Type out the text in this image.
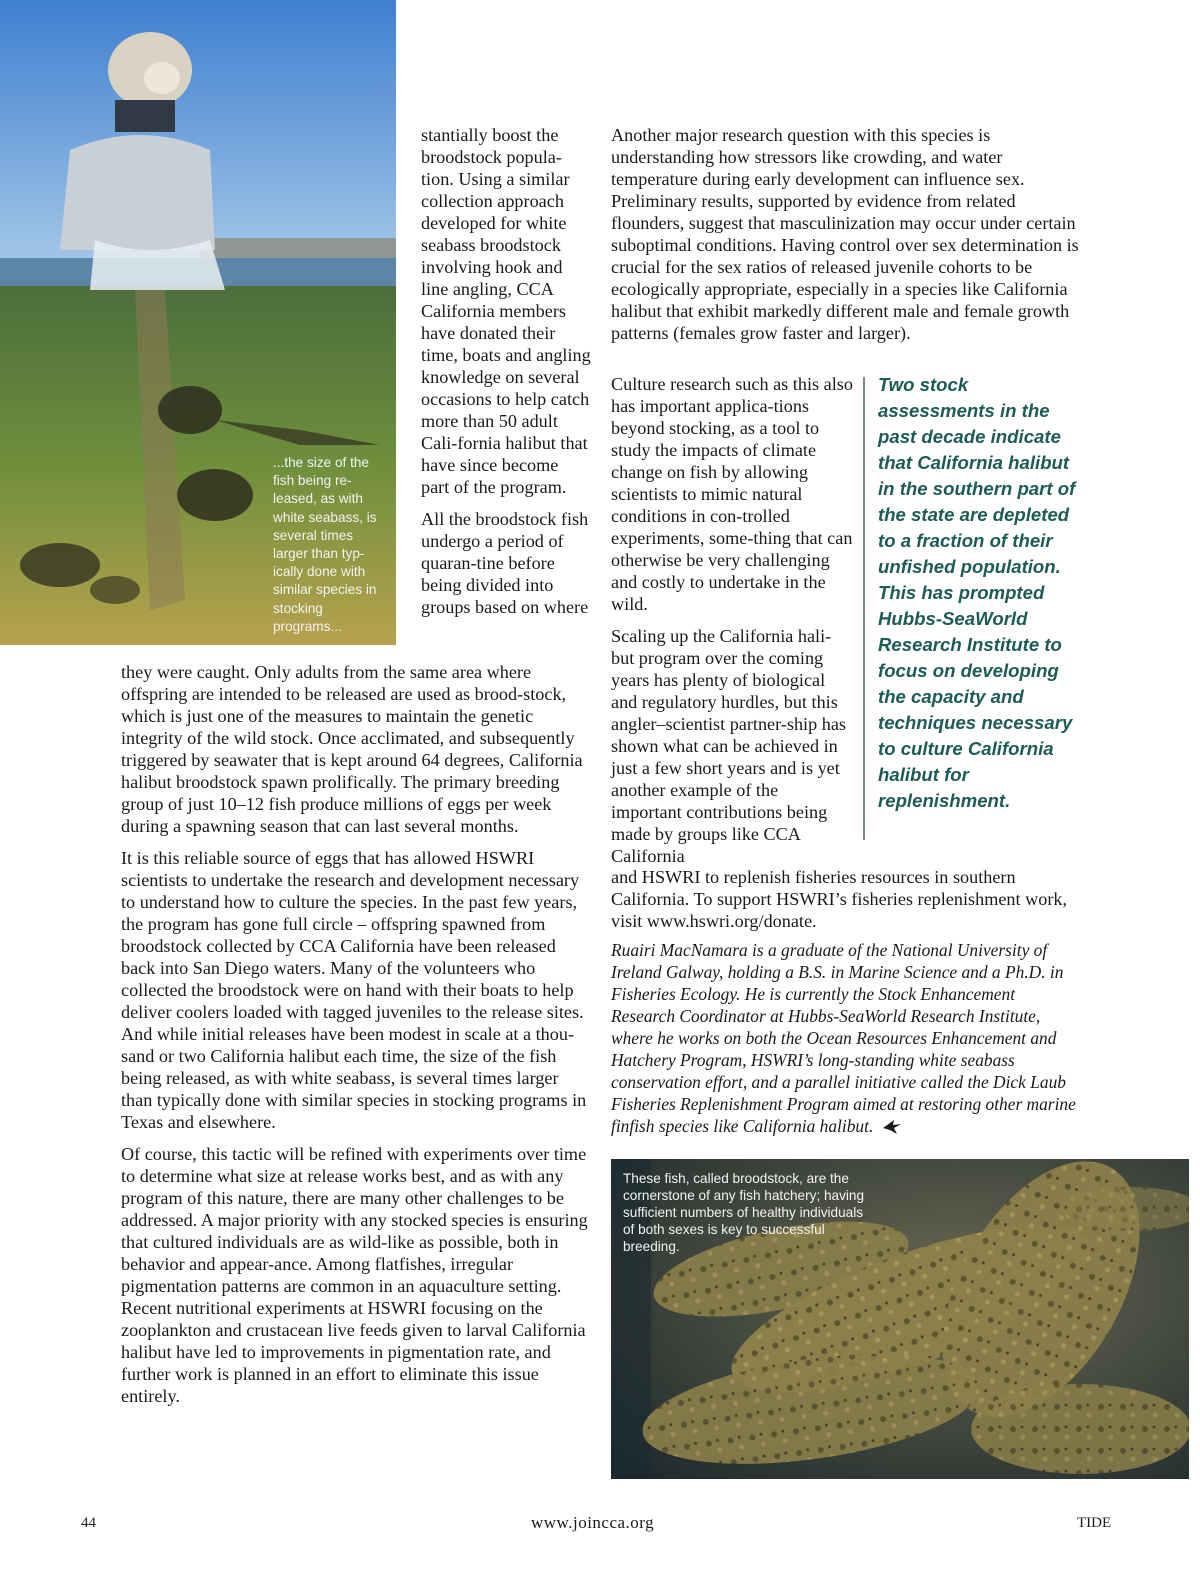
...the size of the fish being re-leased, as with white seabass, is several times larger than typ-ically done with similar species in stocking programs...

stantially boost the broodstock popula-tion. Using a similar collection approach developed for white seabass broodstock involving hook and line angling, CCA California members have donated their time, boats and angling knowledge on several occasions to help catch more than 50 adult Cali-fornia halibut that have since become part of the program.

All the broodstock fish undergo a period of quaran-tine before being divided into groups based on where

they were caught. Only adults from the same area where offspring are intended to be released are used as brood-stock, which is just one of the measures to maintain the genetic integrity of the wild stock. Once acclimated, and subsequently triggered by seawater that is kept around 64 degrees, California halibut broodstock spawn prolifically. The primary breeding group of just 10–12 fish produce millions of eggs per week during a spawning season that can last several months.

It is this reliable source of eggs that has allowed HSWRI scientists to undertake the research and development necessary to understand how to culture the species. In the past few years, the program has gone full circle – offspring spawned from broodstock collected by CCA California have been released back into San Diego waters. Many of the volunteers who collected the broodstock were on hand with their boats to help deliver coolers loaded with tagged juveniles to the release sites. And while initial releases have been modest in scale at a thou-sand or two California halibut each time, the size of the fish being released, as with white seabass, is several times larger than typically done with similar species in stocking programs in Texas and elsewhere.

Of course, this tactic will be refined with experiments over time to determine what size at release works best, and as with any program of this nature, there are many other challenges to be addressed. A major priority with any stocked species is ensuring that cultured individuals are as wild-like as possible, both in behavior and appear-ance. Among flatfishes, irregular pigmentation patterns are common in an aquaculture setting. Recent nutritional experiments at HSWRI focusing on the zooplankton and crustacean live feeds given to larval California halibut have led to improvements in pigmentation rate, and further work is planned in an effort to eliminate this issue entirely.

Another major research question with this species is understanding how stressors like crowding, and water temperature during early development can influence sex. Preliminary results, supported by evidence from related flounders, suggest that masculinization may occur under certain suboptimal conditions. Having control over sex determination is crucial for the sex ratios of released juvenile cohorts to be ecologically appropriate, especially in a species like California halibut that exhibit markedly different male and female growth patterns (females grow faster and larger).

Culture research such as this also has important applica-tions beyond stocking, as a tool to study the impacts of climate change on fish by allowing scientists to mimic natural conditions in con-trolled experiments, some-thing that can otherwise be very challenging and costly to undertake in the wild.

Scaling up the California hali-but program over the coming years has plenty of biological and regulatory hurdles, but this angler–scientist partner-ship has shown what can be achieved in just a few short years and is yet another example of the important contributions being made by groups like CCA California

and HSWRI to replenish fisheries resources in southern California. To support HSWRI’s fisheries replenishment work, visit www.hswri.org/donate.

Ruairi MacNamara is a graduate of the National University of Ireland Galway, holding a B.S. in Marine Science and a Ph.D. in Fisheries Ecology. He is currently the Stock Enhancement Research Coordinator at Hubbs-SeaWorld Research Institute, where he works on both the Ocean Resources Enhancement and Hatchery Program, HSWRI’s long-standing white seabass conservation effort, and a parallel initiative called the Dick Laub Fisheries Replenishment Program aimed at restoring other marine finfish species like California halibut.
Two stock assessments in the past decade indicate that California halibut in the southern part of the state are depleted to a fraction of their unfished population. This has prompted Hubbs-SeaWorld Research Institute to focus on developing the capacity and techniques necessary to culture California halibut for replenishment.
These fish, called broodstock, are the cornerstone of any fish hatchery; having sufficient numbers of healthy individuals of both sexes is key to successful breeding.
44	www.joincca.org	TIDE
